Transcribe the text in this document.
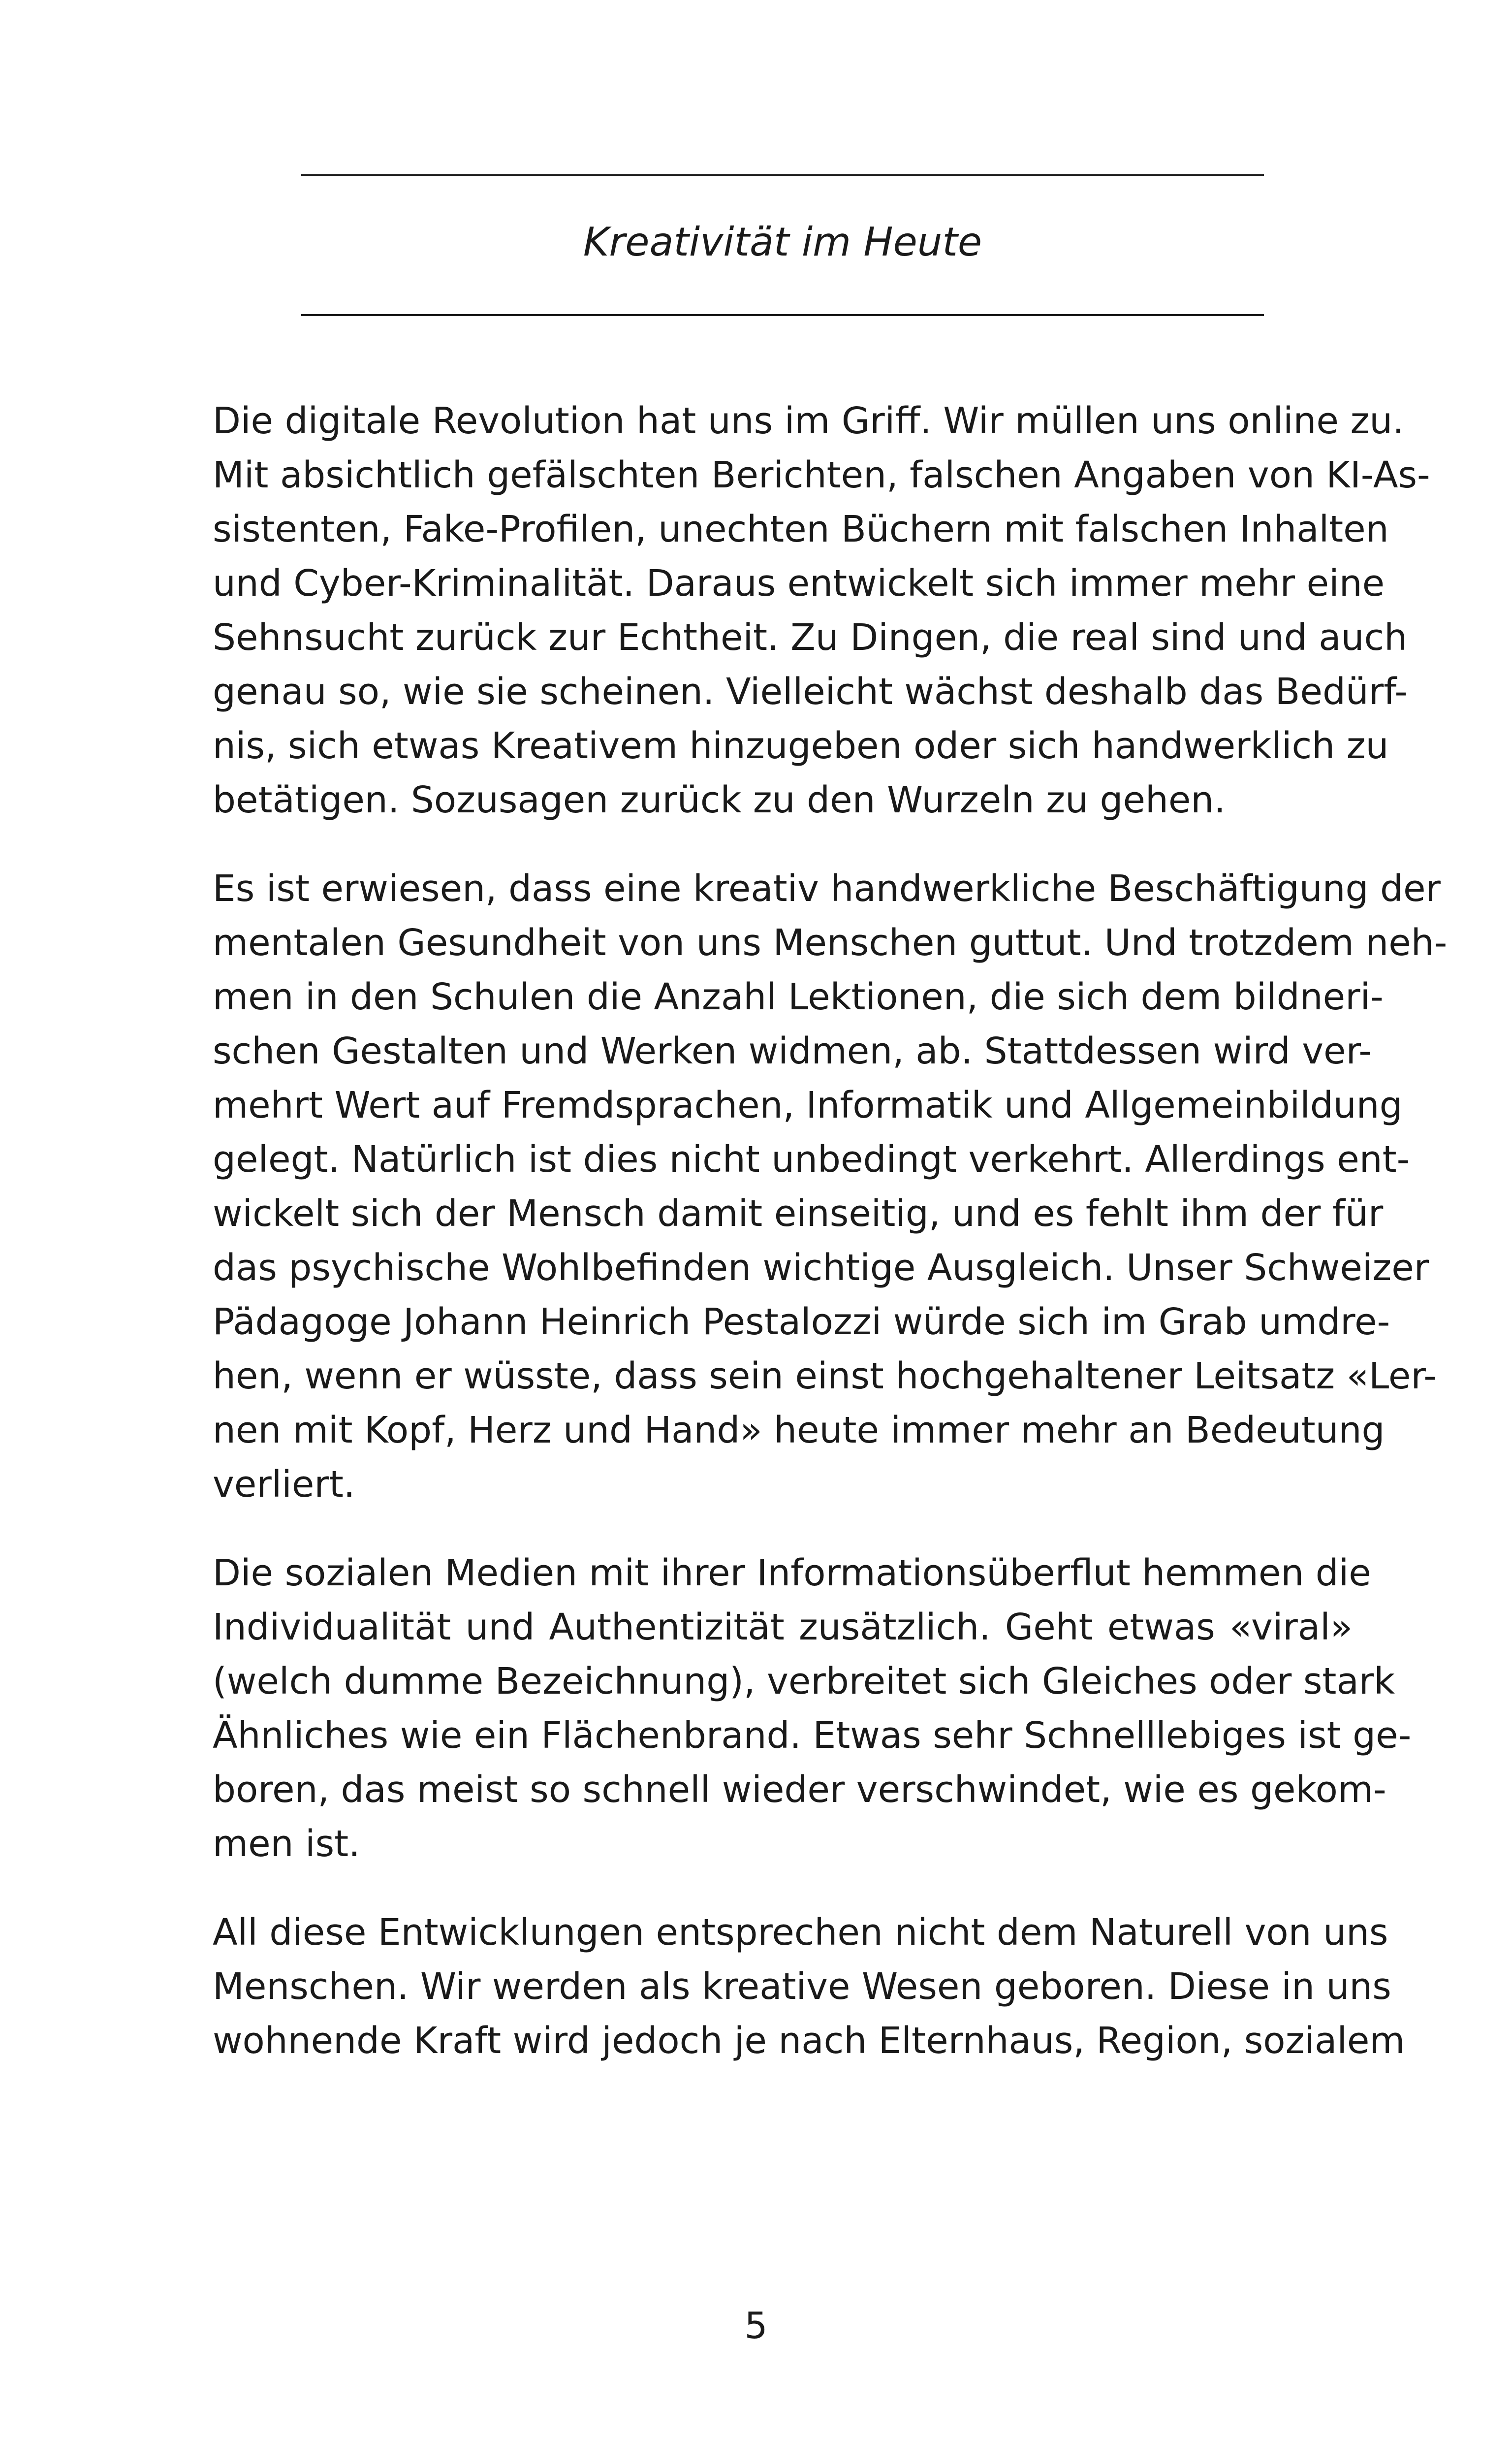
Kreativität im Heute

Die digitale Revolution hat uns im Griff. Wir müllen uns online zu.
Mit absichtlich gefälschten Berichten, falschen Angaben von KI-As-
sistenten, Fake-Profilen, unechten Büchern mit falschen Inhalten
und Cyber-Kriminalität. Daraus entwickelt sich immer mehr eine
Sehnsucht zurück zur Echtheit. Zu Dingen, die real sind und auch
genau so, wie sie scheinen. Vielleicht wächst deshalb das Bedürf-
nis, sich etwas Kreativem hinzugeben oder sich handwerklich zu
betätigen. Sozusagen zurück zu den Wurzeln zu gehen.

Es ist erwiesen, dass eine kreativ handwerkliche Beschäftigung der
mentalen Gesundheit von uns Menschen guttut. Und trotzdem neh-
men in den Schulen die Anzahl Lektionen, die sich dem bildneri-
schen Gestalten und Werken widmen, ab. Stattdessen wird ver-
mehrt Wert auf Fremdsprachen, Informatik und Allgemeinbildung
gelegt. Natürlich ist dies nicht unbedingt verkehrt. Allerdings ent-
wickelt sich der Mensch damit einseitig, und es fehlt ihm der für
das psychische Wohlbefinden wichtige Ausgleich. Unser Schweizer
Pädagoge Johann Heinrich Pestalozzi würde sich im Grab umdre-
hen, wenn er wüsste, dass sein einst hochgehaltener Leitsatz «Ler-
nen mit Kopf, Herz und Hand» heute immer mehr an Bedeutung
verliert.

Die sozialen Medien mit ihrer Informationsüberflut hemmen die
Individualität und Authentizität zusätzlich. Geht etwas «viral»
(welch dumme Bezeichnung), verbreitet sich Gleiches oder stark
Ähnliches wie ein Flächenbrand. Etwas sehr Schnelllebiges ist ge-
boren, das meist so schnell wieder verschwindet, wie es gekom-
men ist.

All diese Entwicklungen entsprechen nicht dem Naturell von uns
Menschen. Wir werden als kreative Wesen geboren. Diese in uns
wohnende Kraft wird jedoch je nach Elternhaus, Region, sozialem

5
